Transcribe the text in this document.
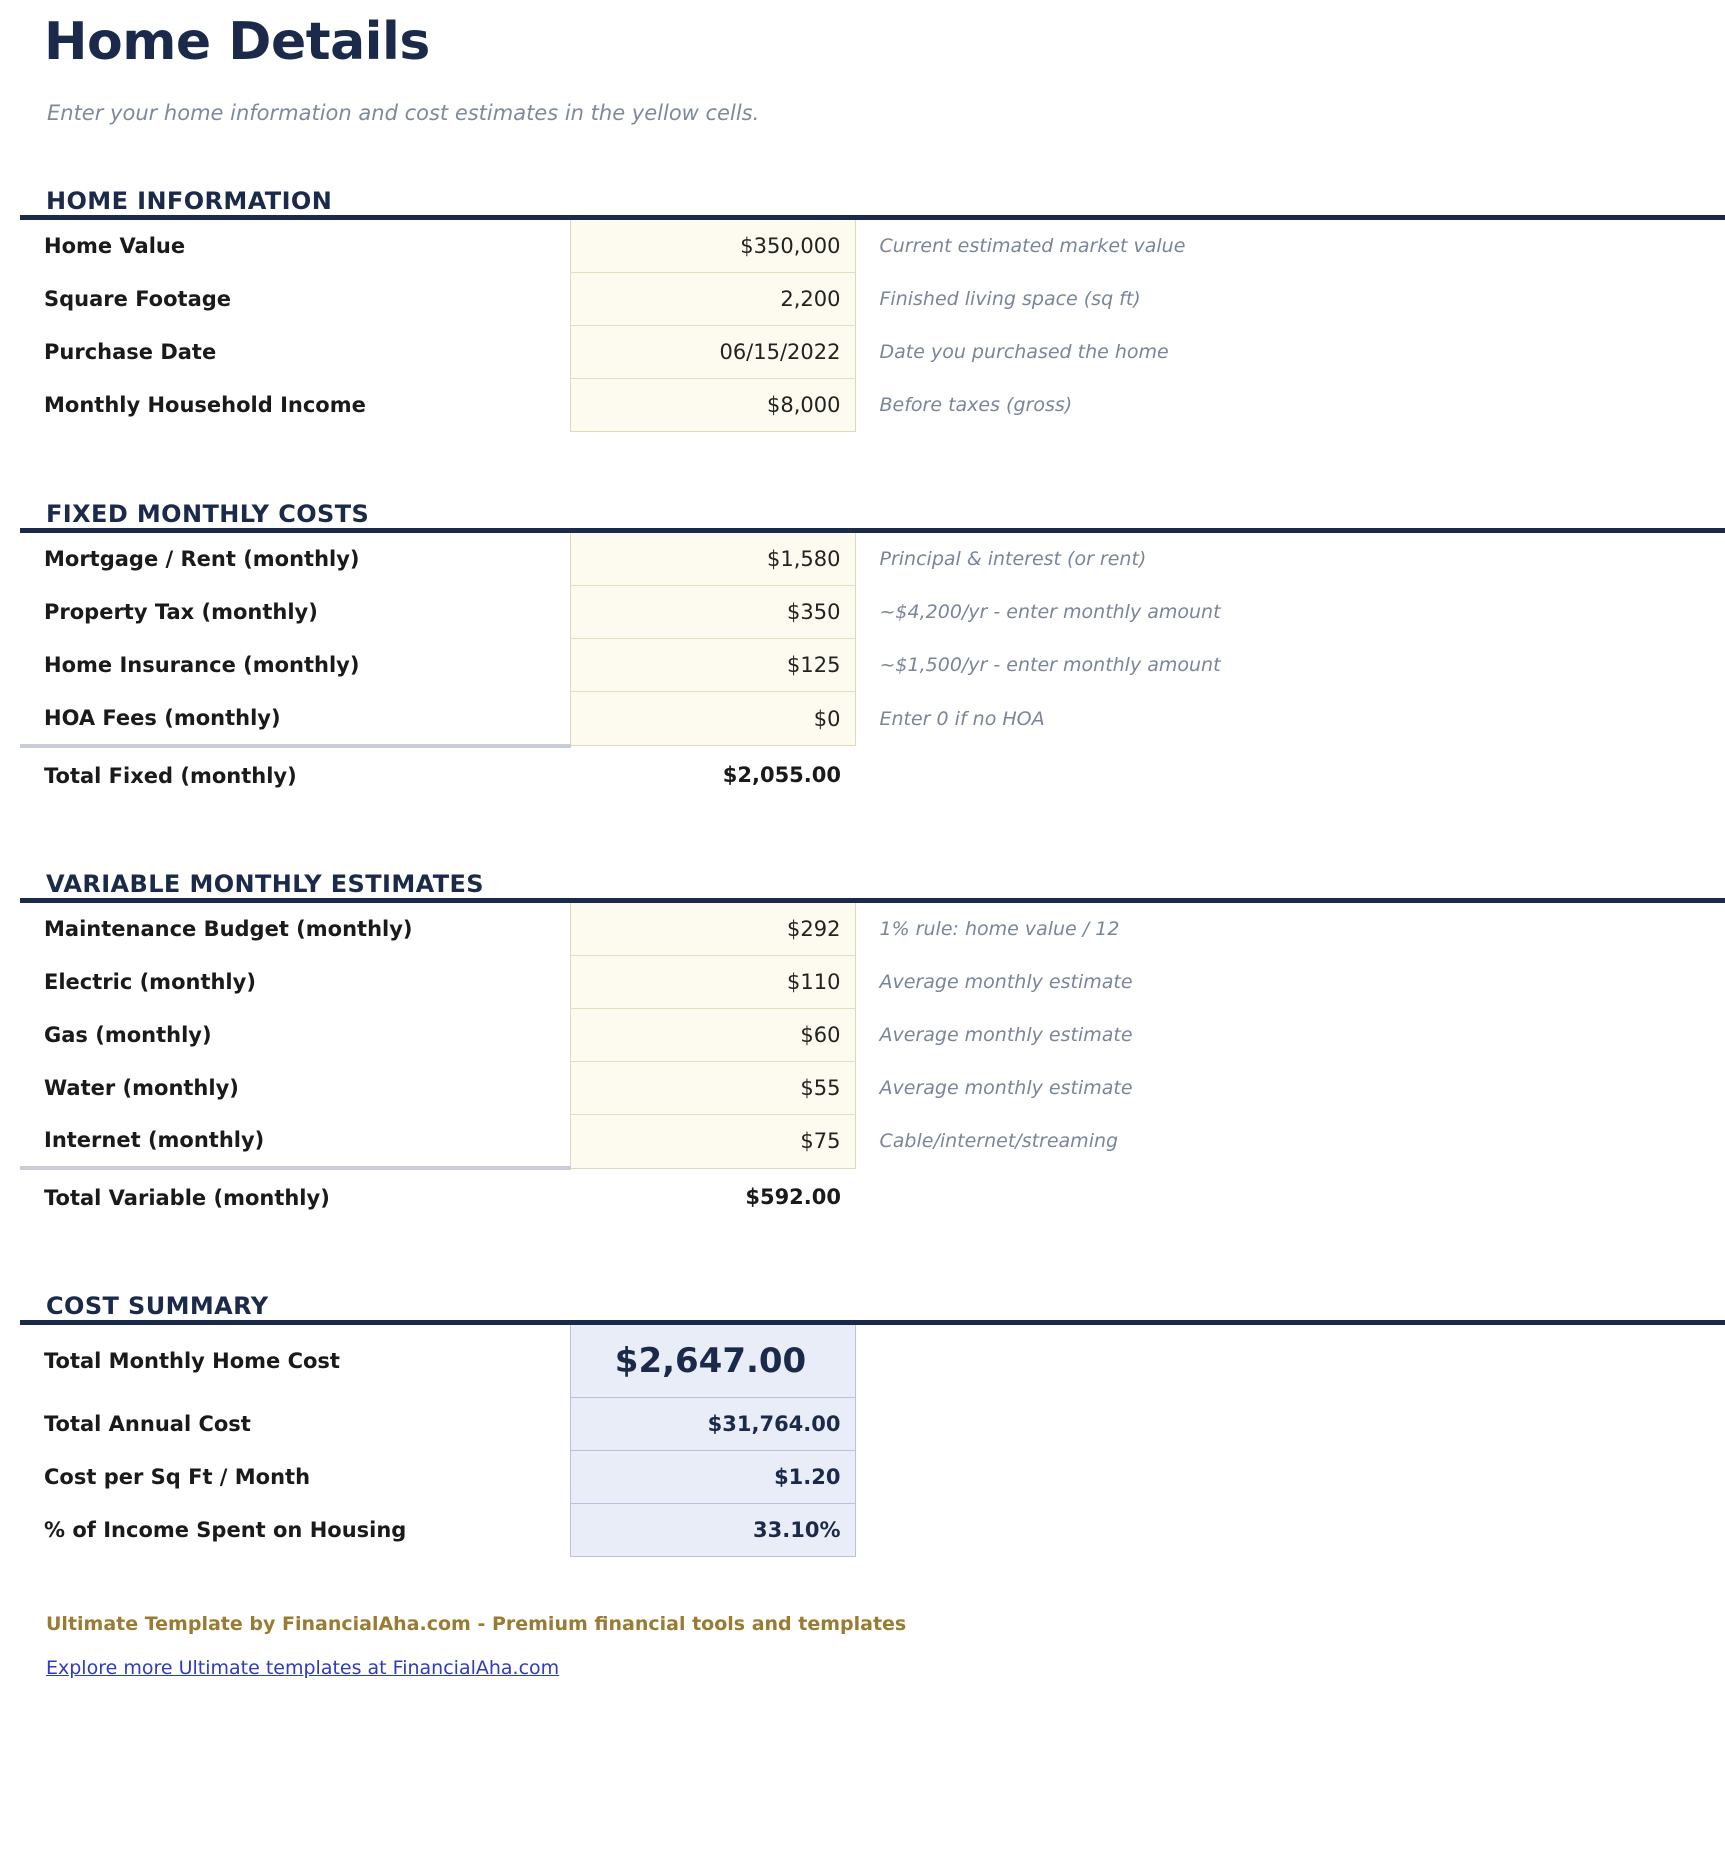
Home Details

Enter your home information and cost estimates in the yellow cells.

HOME INFORMATION

Home Value	$350,000	Current estimated market value
Square Footage	2,200	Finished living space (sq ft)
Purchase Date	06/15/2022	Date you purchased the home
Monthly Household Income	$8,000	Before taxes (gross)
FIXED MONTHLY COSTS

Mortgage / Rent (monthly)	$1,580	Principal & interest (or rent)
Property Tax (monthly)	$350	~$4,200/yr - enter monthly amount
Home Insurance (monthly)	$125	~$1,500/yr - enter monthly amount
HOA Fees (monthly)	$0	Enter 0 if no HOA
Total Fixed (monthly)	$2,055.00	
VARIABLE MONTHLY ESTIMATES

Maintenance Budget (monthly)	$292	1% rule: home value / 12
Electric (monthly)	$110	Average monthly estimate
Gas (monthly)	$60	Average monthly estimate
Water (monthly)	$55	Average monthly estimate
Internet (monthly)	$75	Cable/internet/streaming
Total Variable (monthly)	$592.00	
COST SUMMARY

Total Monthly Home Cost	$2,647.00	
Total Annual Cost	$31,764.00	
Cost per Sq Ft / Month	$1.20	
% of Income Spent on Housing	33.10%	

Ultimate Template by FinancialAha.com - Premium financial tools and templates

Explore more Ultimate templates at FinancialAha.com
